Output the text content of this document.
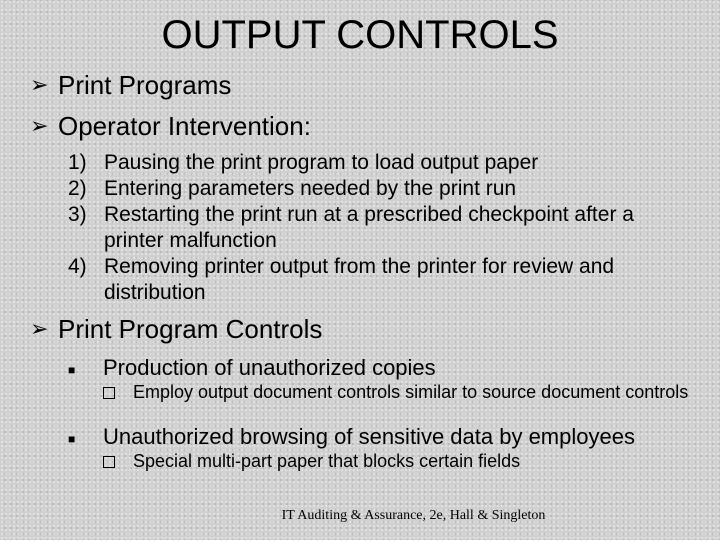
OUTPUT CONTROLS
➢ Print Programs
➢ Operator Intervention:
1) Pausing the print program to load output paper
2) Entering parameters needed by the print run
3) Restarting the print run at a prescribed checkpoint after a printer malfunction
4) Removing printer output from the printer for review and distribution
➢ Print Program Controls
■ Production of unauthorized copies
Employ output document controls similar to source document controls
■ Unauthorized browsing of sensitive data by employees
Special multi-part paper that blocks certain fields
IT Auditing & Assurance, 2e, Hall & Singleton
